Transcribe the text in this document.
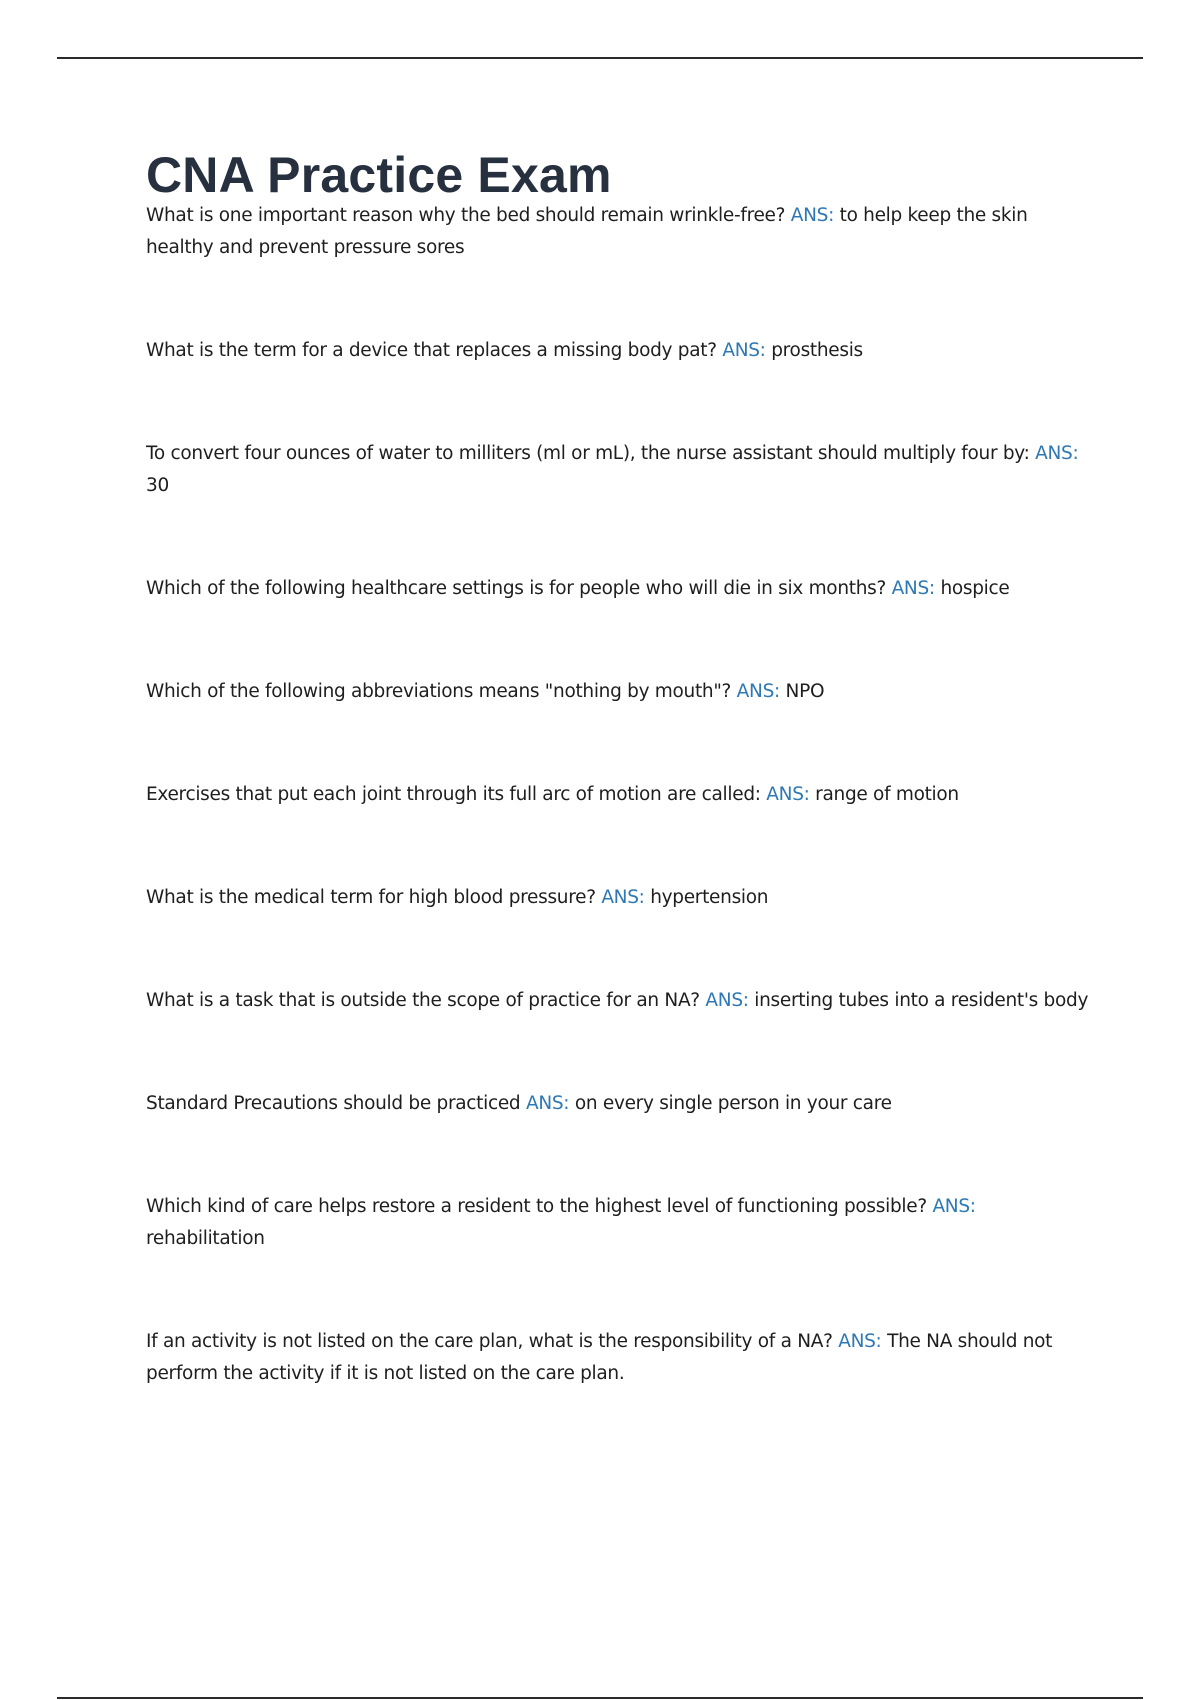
CNA Practice Exam

What is one important reason why the bed should remain wrinkle-free? ANS: to help keep the skin healthy and prevent pressure sores

What is the term for a device that replaces a missing body pat? ANS: prosthesis

To convert four ounces of water to milliters (ml or mL), the nurse assistant should multiply four by: ANS: 30

Which of the following healthcare settings is for people who will die in six months? ANS: hospice

Which of the following abbreviations means "nothing by mouth"? ANS: NPO

Exercises that put each joint through its full arc of motion are called: ANS: range of motion

What is the medical term for high blood pressure? ANS: hypertension

What is a task that is outside the scope of practice for an NA? ANS: inserting tubes into a resident's body

Standard Precautions should be practiced ANS: on every single person in your care

Which kind of care helps restore a resident to the highest level of functioning possible? ANS: rehabilitation

If an activity is not listed on the care plan, what is the responsibility of a NA? ANS: The NA should not perform the activity if it is not listed on the care plan.
